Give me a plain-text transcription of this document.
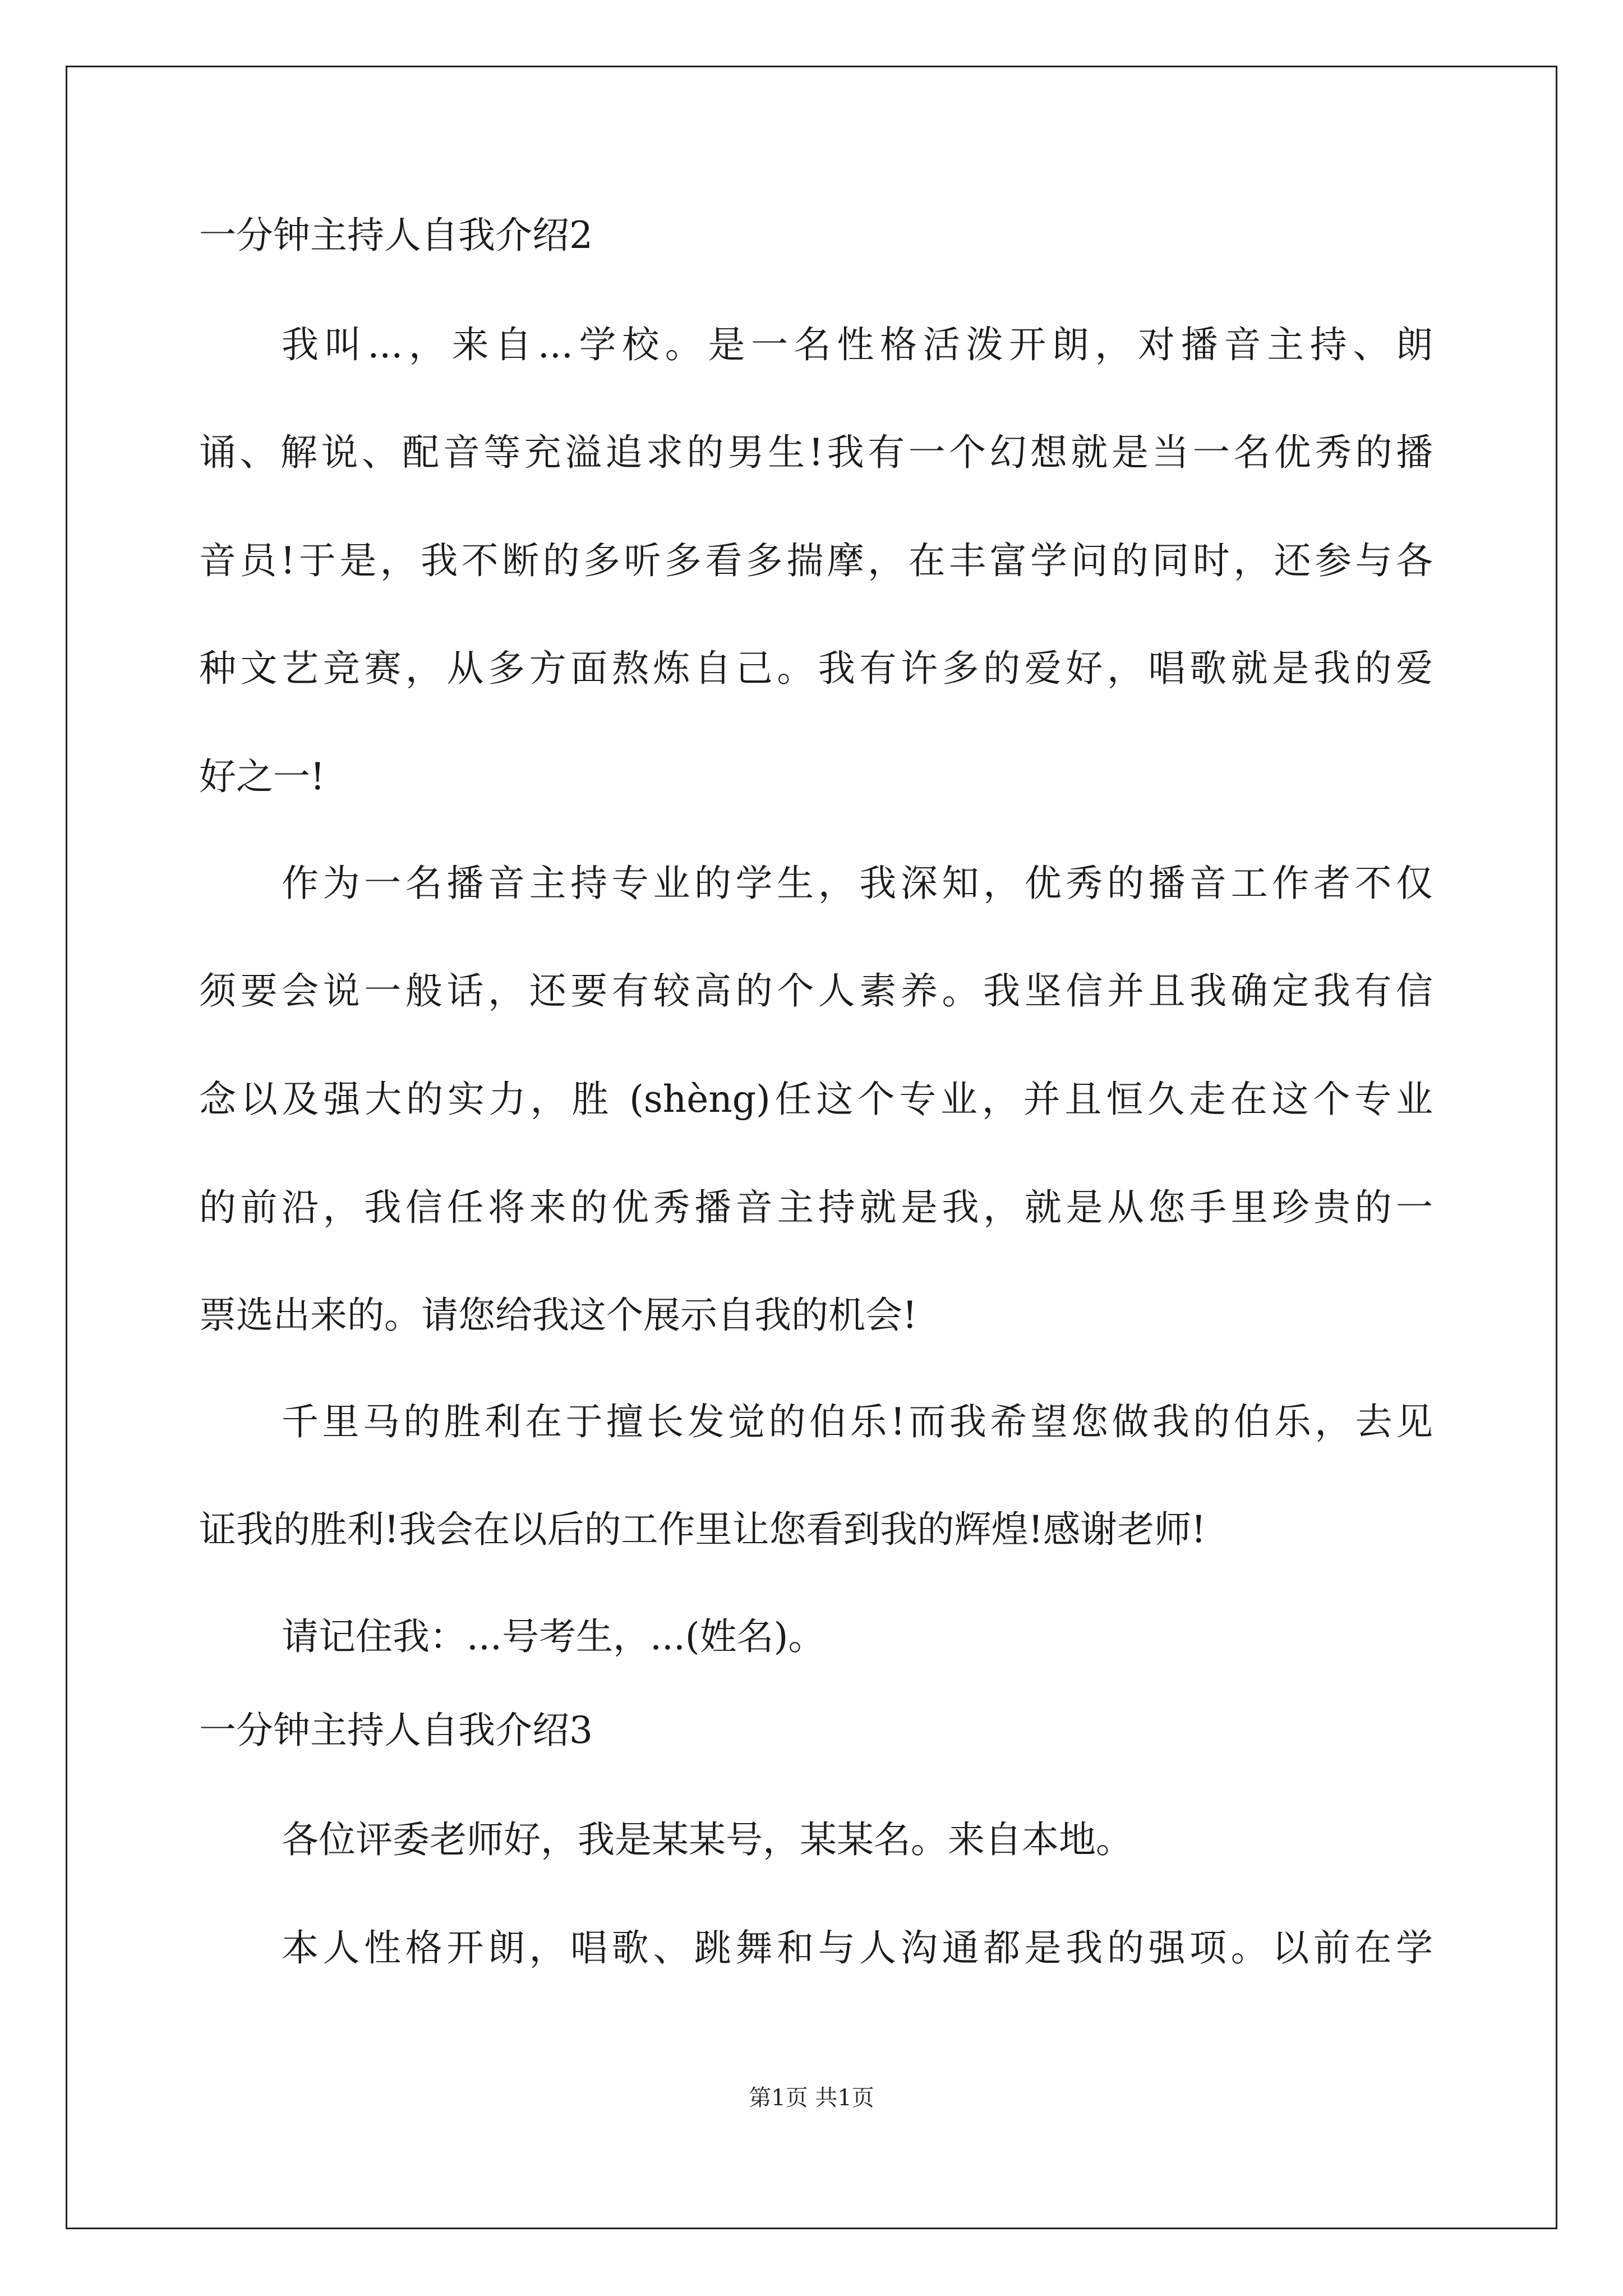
一分钟主持人自我介绍2
我叫...，来自...学校。是一名性格活泼开朗，对播音主持、朗
诵、解说、配音等充溢追求的男生!我有一个幻想就是当一名优秀的播
音员!于是，我不断的多听多看多揣摩，在丰富学问的同时，还参与各
种文艺竞赛，从多方面熬炼自己。我有许多的爱好，唱歌就是我的爱
好之一!
作为一名播音主持专业的学生，我深知，优秀的播音工作者不仅
须要会说一般话，还要有较高的个人素养。我坚信并且我确定我有信
念以及强大的实力，胜 (shèng)任这个专业，并且恒久走在这个专业
的前沿，我信任将来的优秀播音主持就是我，就是从您手里珍贵的一
票选出来的。请您给我这个展示自我的机会!
千里马的胜利在于擅长发觉的伯乐!而我希望您做我的伯乐，去见
证我的胜利!我会在以后的工作里让您看到我的辉煌!感谢老师!
请记住我：...号考生，...(姓名)。
一分钟主持人自我介绍3
各位评委老师好，我是某某号，某某名。来自本地。
本人性格开朗，唱歌、跳舞和与人沟通都是我的强项。以前在学
第1页 共1页
